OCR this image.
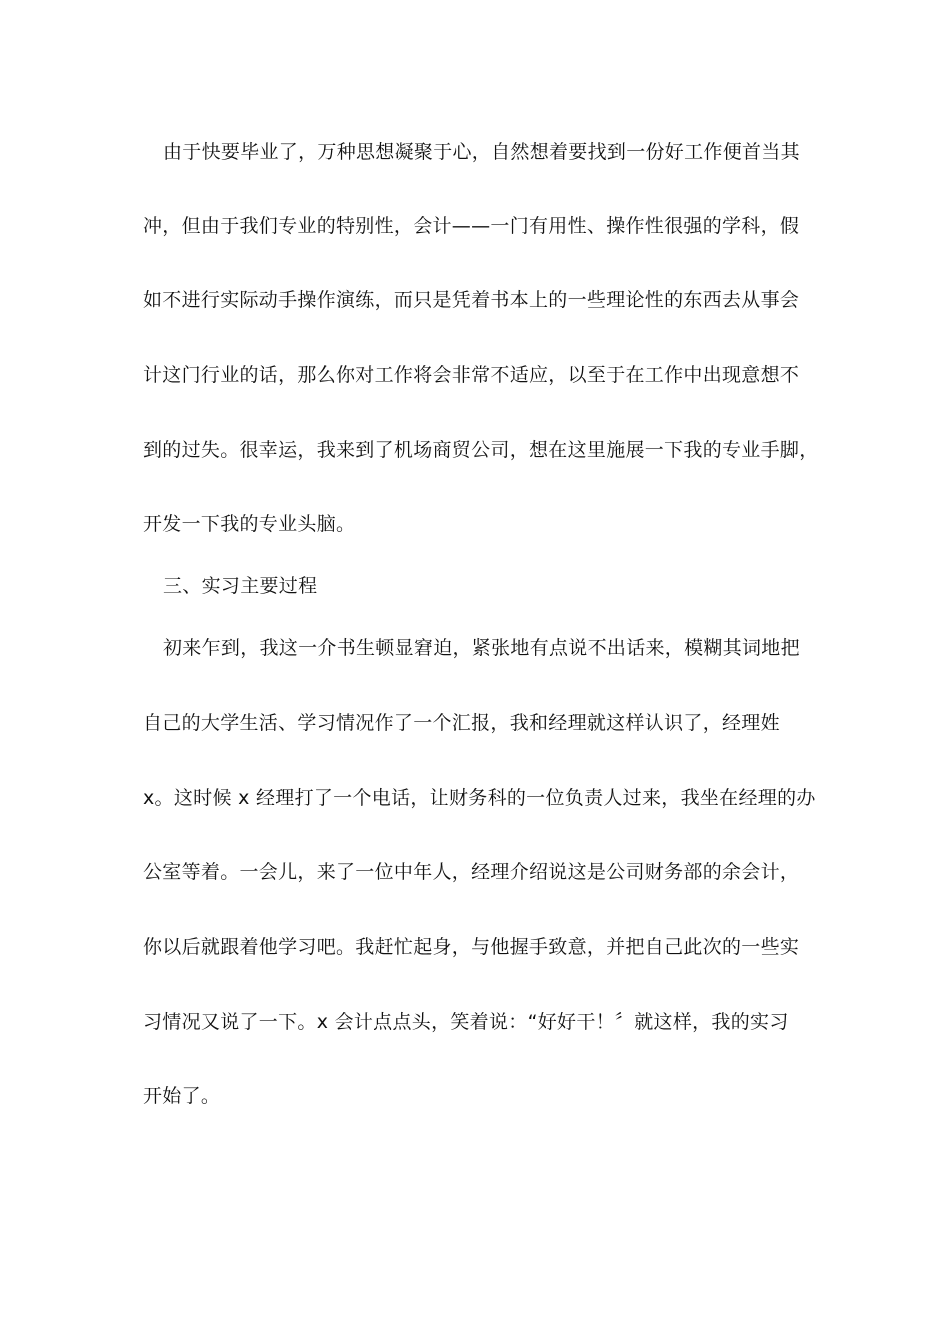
由于快要毕业了，万种思想凝聚于心，自然想着要找到一份好工作便首当其
冲，但由于我们专业的特别性，会计——一门有用性、操作性很强的学科，假
如不进行实际动手操作演练，而只是凭着书本上的一些理论性的东西去从事会
计这门行业的话，那么你对工作将会非常不适应，以至于在工作中出现意想不
到的过失。很幸运，我来到了机场商贸公司，想在这里施展一下我的专业手脚，
开发一下我的专业头脑。
三、实习主要过程
初来乍到，我这一介书生顿显窘迫，紧张地有点说不出话来，模糊其词地把
自己的大学生活、学习情况作了一个汇报，我和经理就这样认识了，经理姓
x。这时候 x 经理打了一个电话，让财务科的一位负责人过来，我坐在经理的办
公室等着。一会儿，来了一位中年人，经理介绍说这是公司财务部的余会计，
你以后就跟着他学习吧。我赶忙起身，与他握手致意，并把自己此次的一些实
习情况又说了一下。x 会计点点头，笑着说：“好好干！〞就这样，我的实习
开始了。
